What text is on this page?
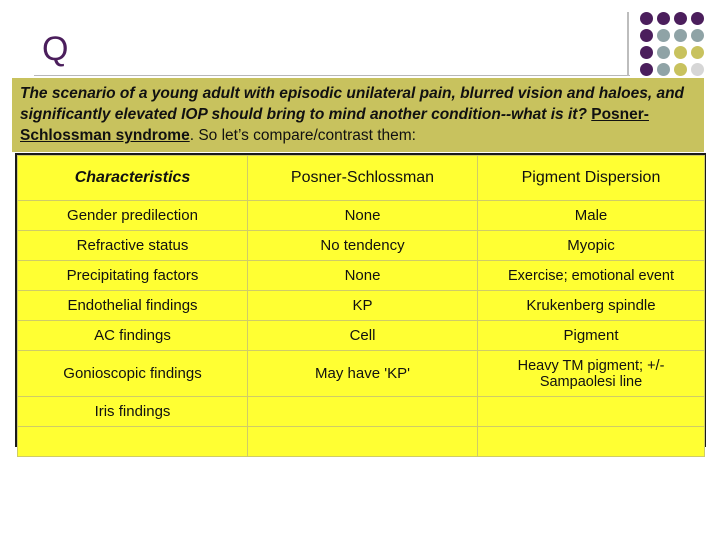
Q
The scenario of a young adult with episodic unilateral pain, blurred vision and haloes, and significantly elevated IOP should bring to mind another condition--what is it? Posner-Schlossman syndrome. So let’s compare/contrast them:
Characteristics	Posner-Schlossman	Pigment Dispersion
Gender predilection	None	Male
Refractive status	No tendency	Myopic
Precipitating factors	None	Exercise; emotional event
Endothelial findings	KP	Krukenberg spindle
AC findings	Cell	Pigment
Gonioscopic findings	May have 'KP'	Heavy TM pigment; +/- Sampaolesi line
Iris findings		
